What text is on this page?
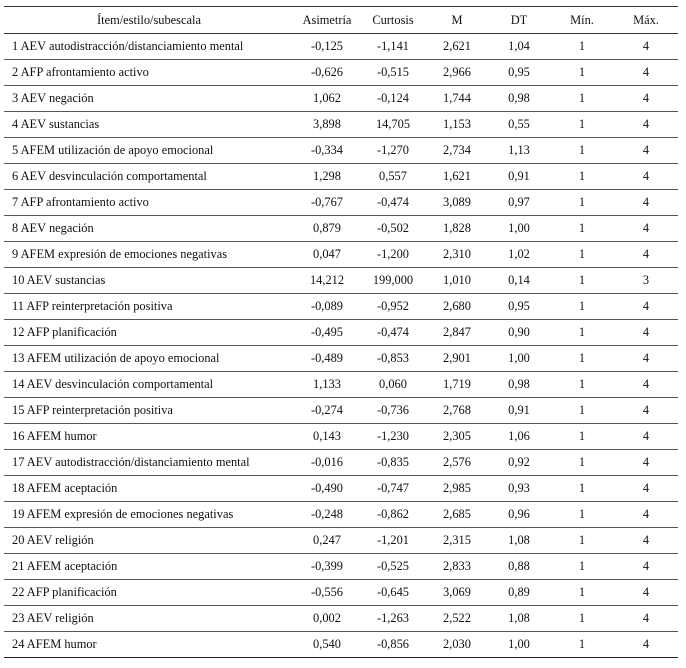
Ítem/estilo/subescala	Asimetría	Curtosis	M	DT	Mín.	Máx.
1 AEV autodistracción/distanciamiento mental	-0,125	-1,141	2,621	1,04	1	4
2 AFP afrontamiento activo	-0,626	-0,515	2,966	0,95	1	4
3 AEV negación	1,062	-0,124	1,744	0,98	1	4
4 AEV sustancias	3,898	14,705	1,153	0,55	1	4
5 AFEM utilización de apoyo emocional	-0,334	-1,270	2,734	1,13	1	4
6 AEV desvinculación comportamental	1,298	0,557	1,621	0,91	1	4
7 AFP afrontamiento activo	-0,767	-0,474	3,089	0,97	1	4
8 AEV negación	0,879	-0,502	1,828	1,00	1	4
9 AFEM expresión de emociones negativas	0,047	-1,200	2,310	1,02	1	4
10 AEV sustancias	14,212	199,000	1,010	0,14	1	3
11 AFP reinterpretación positiva	-0,089	-0,952	2,680	0,95	1	4
12 AFP planificación	-0,495	-0,474	2,847	0,90	1	4
13 AFEM utilización de apoyo emocional	-0,489	-0,853	2,901	1,00	1	4
14 AEV desvinculación comportamental	1,133	0,060	1,719	0,98	1	4
15 AFP reinterpretación positiva	-0,274	-0,736	2,768	0,91	1	4
16 AFEM humor	0,143	-1,230	2,305	1,06	1	4
17 AEV autodistracción/distanciamiento mental	-0,016	-0,835	2,576	0,92	1	4
18 AFEM aceptación	-0,490	-0,747	2,985	0,93	1	4
19 AFEM expresión de emociones negativas	-0,248	-0,862	2,685	0,96	1	4
20 AEV religión	0,247	-1,201	2,315	1,08	1	4
21 AFEM aceptación	-0,399	-0,525	2,833	0,88	1	4
22 AFP planificación	-0,556	-0,645	3,069	0,89	1	4
23 AEV religión	0,002	-1,263	2,522	1,08	1	4
24 AFEM humor	0,540	-0,856	2,030	1,00	1	4
